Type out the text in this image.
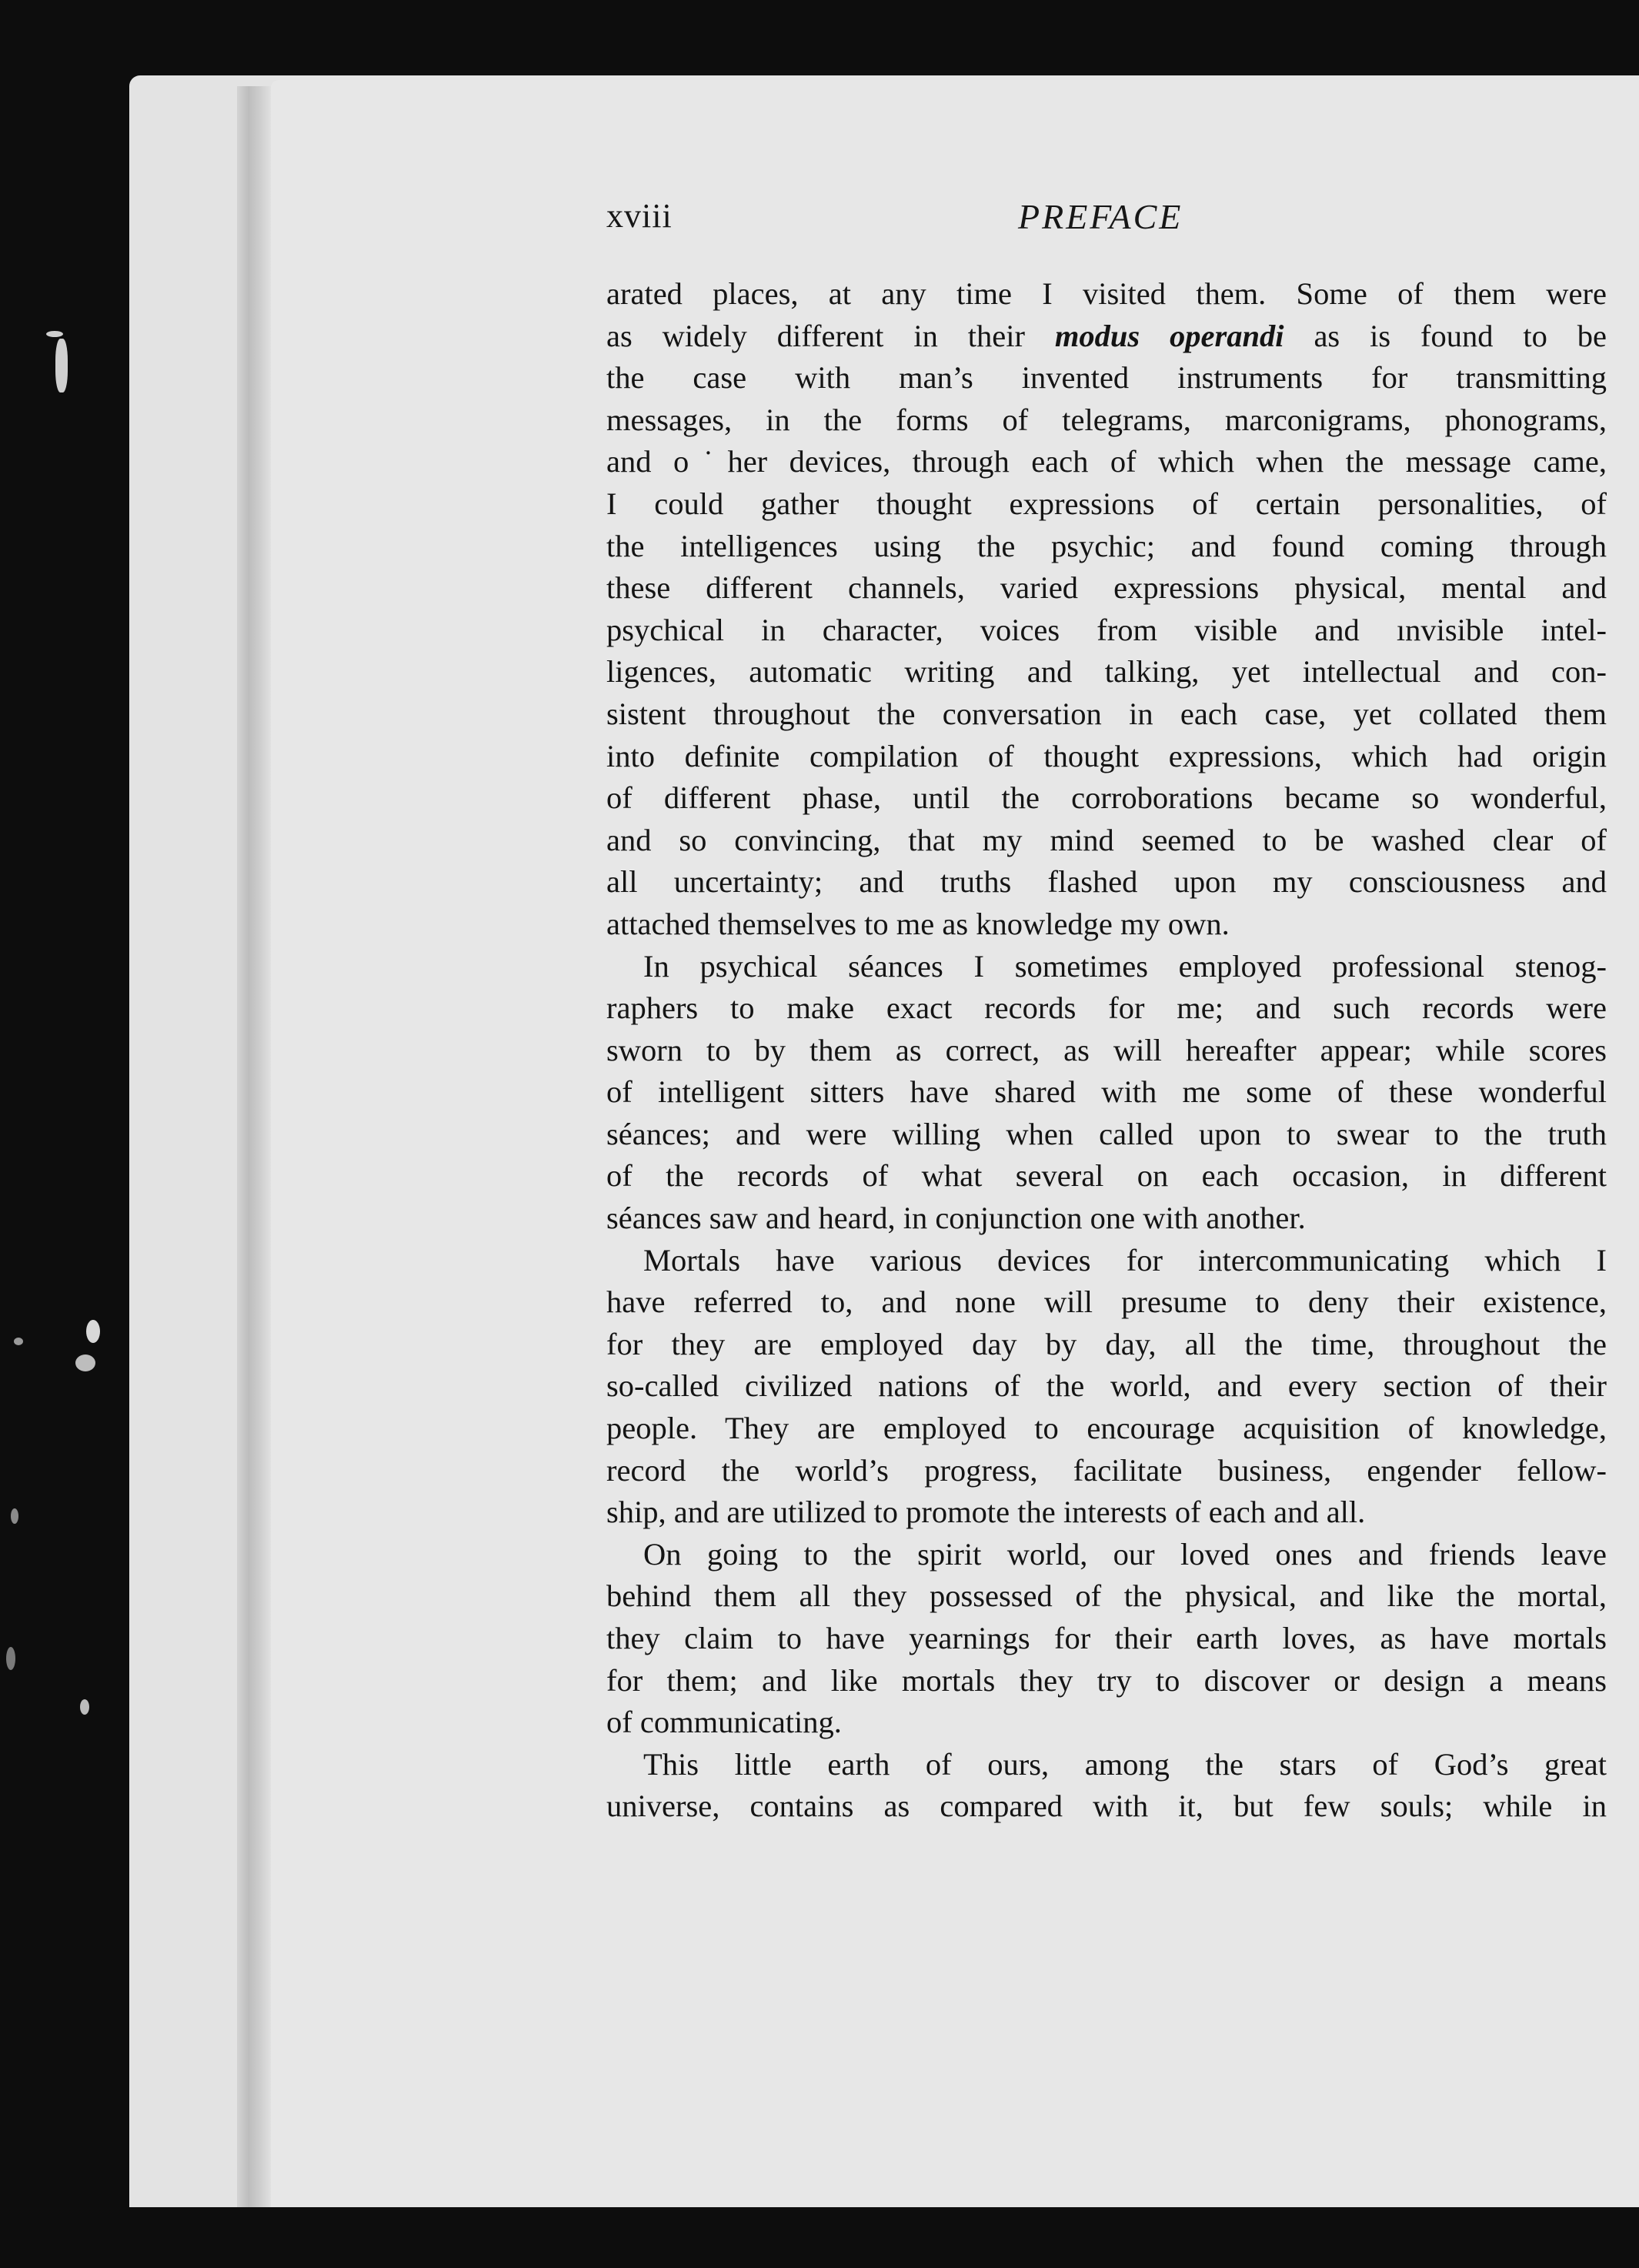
xviii	PREFACE
arated places, at any time I visited them. Some of them were
as widely different in their modus operandi as is found to be
the case with man’s invented instruments for transmitting
messages, in the forms of telegrams, marconigrams, phonograms,
and o˙her devices, through each of which when the message came,
I could gather thought expressions of certain personalities, of
the intelligences using the psychic; and found coming through
these different channels, varied expressions physical, mental and
psychical in character, voices from visible and ınvisible intel-
ligences, automatic writing and talking, yet intellectual and con-
sistent throughout the conversation in each case, yet collated them
into definite compilation of thought expressions, which had origin
of different phase, until the corroborations became so wonderful,
and so convincing, that my mind seemed to be washed clear of
all uncertainty; and truths flashed upon my consciousness and
attached themselves to me as knowledge my own.
In psychical séances I sometimes employed professional stenog-
raphers to make exact records for me; and such records were
sworn to by them as correct, as will hereafter appear; while scores
of intelligent sitters have shared with me some of these wonderful
séances; and were willing when called upon to swear to the truth
of the records of what several on each occasion, in different
séances saw and heard, in conjunction one with another.
Mortals have various devices for intercommunicating which I
have referred to, and none will presume to deny their existence,
for they are employed day by day, all the time, throughout the
so-called civilized nations of the world, and every section of their
people. They are employed to encourage acquisition of knowledge,
record the world’s progress, facilitate business, engender fellow-
ship, and are utilized to promote the interests of each and all.
On going to the spirit world, our loved ones and friends leave
behind them all they possessed of the physical, and like the mortal,
they claim to have yearnings for their earth loves, as have mortals
for them; and like mortals they try to discover or design a means
of communicating.
This little earth of ours, among the stars of God’s great
universe, contains as compared with it, but few souls; while in
